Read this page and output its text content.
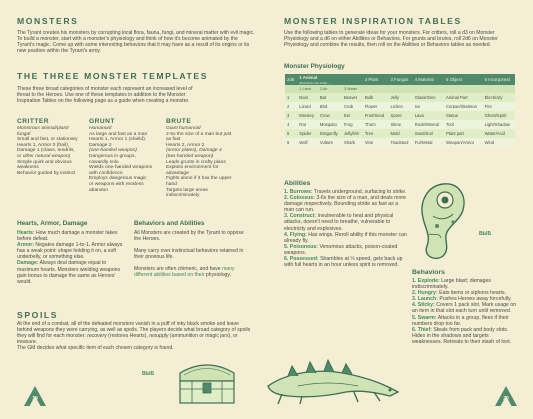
MONSTERS
The Tyrant creates his monsters by corrupting local flora, fauna, fungi, and mineral matter with evil magic. To build a monster, start with a monster's physiology and think of how it's become animated by the Tyrant's magic. Come up with some interesting behaviors that it may have as a result of its origins or its new position within the Tyrant's army.
THE THREE MONSTER TEMPLATES
These three broad categories of monster each represent an increased level of threat to the Heroes. Use one of these templates in addition to the Monster Inspiration Tables on the following page as a guide when creating a monster.
CRITTER
Monstrous animal/plant/
fungal
Small and fast, or stationary
Hearts 1, Armor 0 (frail),
Damage 1 (claws, tendrils,
or other natural weapon)
Simple quirk and obvious
weakness
Behavior guided by instinct
GRUNT
Humanoid
As large and fast as a man
Hearts 1, Armor 1 (shield),
Damage 2
(one-handed weapon)
Dangerous in groups,
cowardly solo
Wields one-handed weapons
with confidence
Employs dangerous magic
or weapons with reckless
abandon
BRUTE
Giant humanoid
2-5x the size of a man but just
as fast
Hearts 2, Armor 2
(armor plates), Damage 4
(two-handed weapon)
Leads grunts in crafty plans
Exploits environment for
advantage
Fights alone if it has the upper
hand
Targets large areas
indiscriminately
Hearts, Armor, Damage
Hearts: How much damage a monster takes before defeat.
Armor: Negates damage 1-to-1. Armor always has a weak point: shape holding it on, a soft underbelly, or something else.
Damage: Always deal damage equal to maximum hearts. Monsters wielding weapons gain bonus to damage the same as Heroes' would.
Behaviors and Abilities
All Monsters are created by the Tyrant to oppose the Heroes.
Many carry over instinctual behaviors retained in their previous life.
Monsters are often chimeric, and have many different abilities based on their physiology.
SPOILS
At the end of a combat, all of the defeated monsters vanish in a puff of inky black smoke and leave behind weapons they were carrying, as well as spoils. The players decide what broad category of spoils they will find for each monster: recovery (restores Hearts), resupply (ammunition or magic jars), or treasure.
The GM decides what specific item of each chosen category is found.
ВЫБ
19
MONSTER INSPIRATION TABLES
Use the following tables to generate ideas for your monsters. For critters, roll a d3 on Monster Physiology and a d6 on either Abilities or Behaviors. For grunts and brutes, roll 2d6 on Monster Physiology and combine the results, then roll on the Abilities or Behaviors tables as needed.
Monster Physiology
2d6	1 Animal
(Roll d3 for the critter ...			2 Plant	3 Fungus	4 Material	5 Object	6 Incorporeal
	1 Land	2 Air	3 Water					
1	Boar	Bat	Beaver	Bulb	Jelly	Glass/Gem	Animal Part	Electricity
2	Lizard	Bird	Crab	Flower	Lichen	Ice	Corpse/Skeleton	Fire
3	Monkey	Crow	Eel	Fruit/Seed	Spore	Lava	Statue	Ghost/Spirit
4	Rat	Mosquito	Frog	Thorn	Slime	Rock/Mineral	Tool	Light/Shadow
5	Spider	Dragonfly	Jellyfish	Tree	Mold	Sand/Soil	Plant part	Water/Acid
6	Wolf	Vulture	Shark	Vine	Toadstool	Fur/Metal	Weapon/Armor	Wind
Abilities
1. Burrows: Travels underground, surfacing to strike.
2. Colossus: 3-6x the size of a man, and deals more damage respectively. Bounding stride as fast as a man can run.
3. Construct: Invulnerable to heat and physical attacks, doesn't need to breathe, vulnerable to electricity and explosives.
4. Flying: Has wings. Reroll ability if this monster can already fly.
5. Poisonous: Venomous attacks, poison-coated weapons.
6. Possessed: Shambles at ½ speed, gets back up with full hearts in an hour unless spirit is removed.
ВЫБ
Behaviors
1. Explode: Large blast; damages indiscriminately.
2. Hungry: Eats items or siphons hearts.
3. Launch: Pushes Heroes away forcefully.
4. Sticky: Covers 1 pack slot. Mark usage on an item in that slot each turn until removed.
5. Swarm: Attacks in a group, flees if their numbers drop too far.
6. Thief: Steals from pack and body slots. Hides in the shadows and targets weaknesses. Retreats to their stash of loot.
20
